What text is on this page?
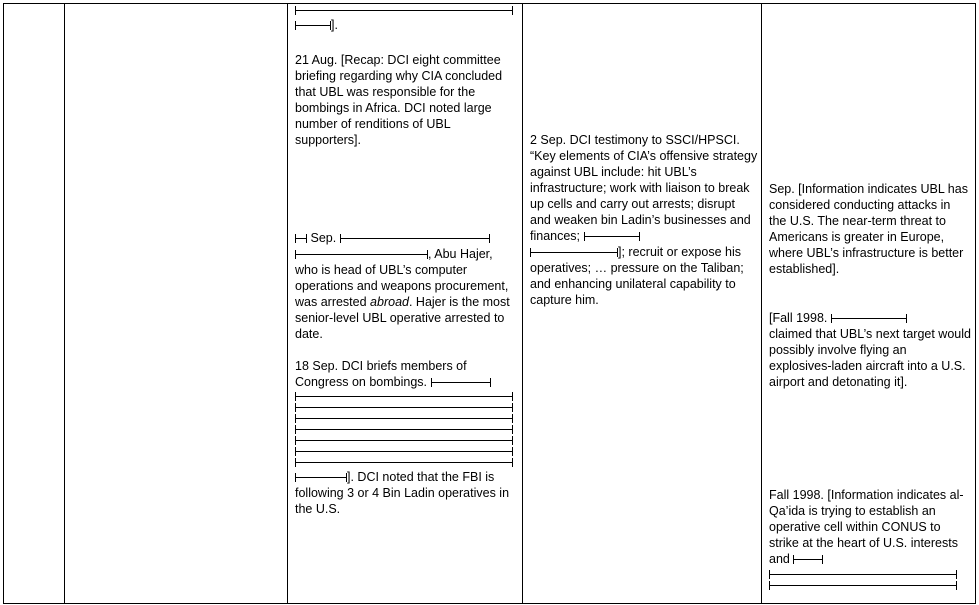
].
21 Aug. [Recap: DCI eight committee briefing regarding why CIA concluded that UBL was responsible for the bombings in Africa. DCI noted large number of renditions of UBL supporters].
Sep.
, Abu Hajer, who is head of UBL’s computer operations and weapons procurement, was arrested abroad. Hajer is the most senior-level UBL operative arrested to date.
18 Sep. DCI briefs members of Congress on bombings.
]. DCI noted that the FBI is following 3 or 4 Bin Ladin operatives in the U.S.
2 Sep. DCI testimony to SSCI/HPSCI. “Key elements of CIA’s offensive strategy against UBL include: hit UBL’s infrastructure; work with liaison to break up cells and carry out arrests; disrupt and weaken bin Ladin’s businesses and finances;
]; recruit or expose his operatives; … pressure on the Taliban; and enhancing unilateral capability to capture him.
Sep. [Information indicates UBL has considered conducting attacks in the U.S. The near-term threat to Americans is greater in Europe, where UBL’s infrastructure is better established].
[Fall 1998.
claimed that UBL’s next target would possibly involve flying an explosives-laden aircraft into a U.S. airport and detonating it].
Fall 1998. [Information indicates al-Qa’ida is trying to establish an operative cell within CONUS to strike at the heart of U.S. interests and
